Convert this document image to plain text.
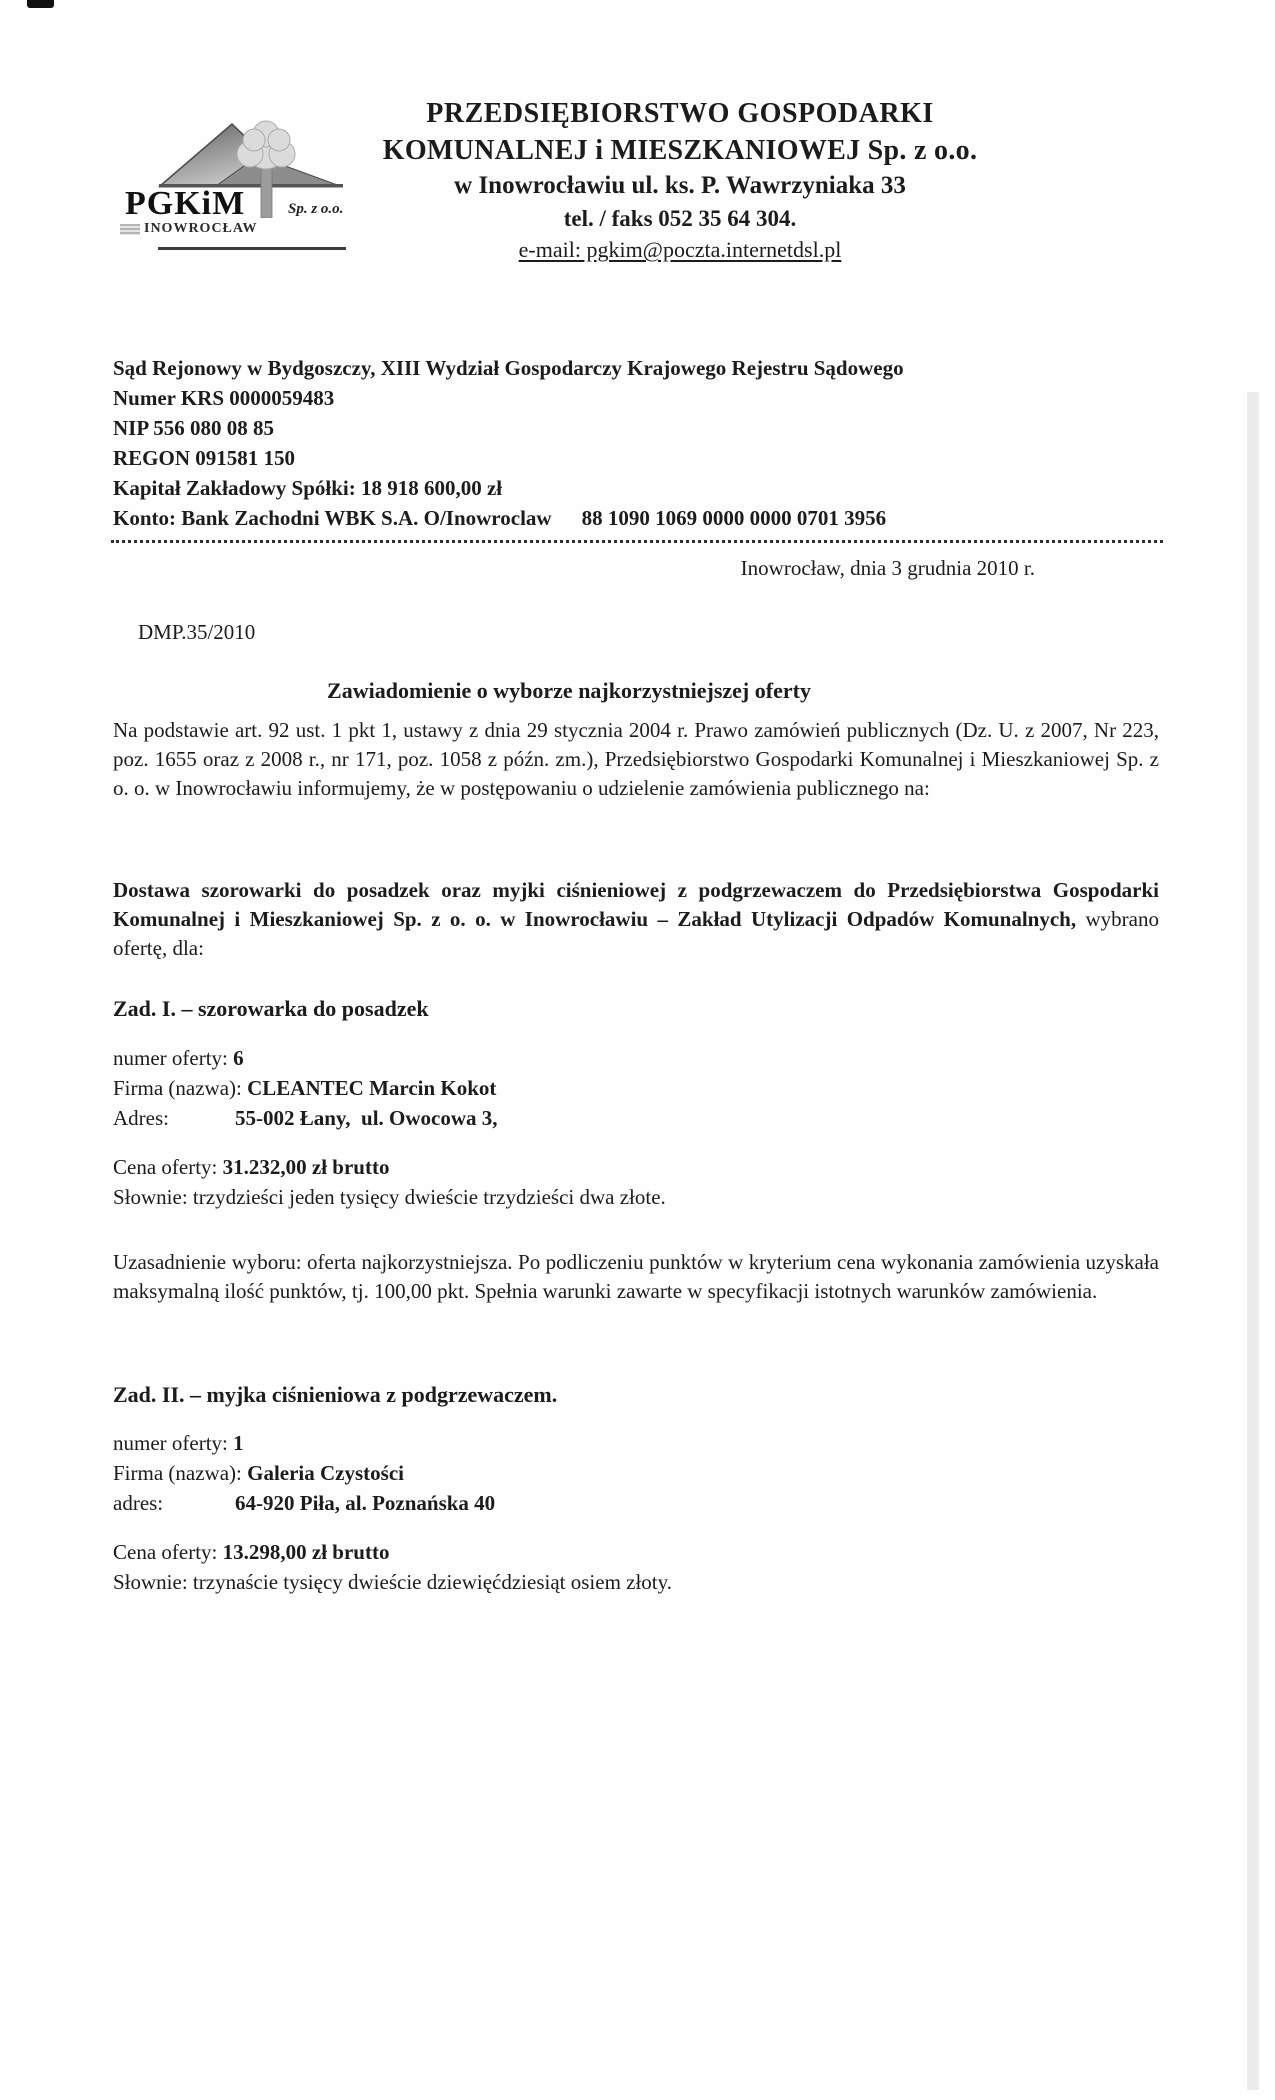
PGKiM	Sp. z o.o.
INOWROCŁAW
PRZEDSIĘBIORSTWO GOSPODARKI
KOMUNALNEJ i MIESZKANIOWEJ Sp. z o.o.
w Inowrocławiu ul. ks. P. Wawrzyniaka 33
tel. / faks 052 35 64 304.
e-mail: pgkim@poczta.internetdsl.pl
Sąd Rejonowy w Bydgoszczy, XIII Wydział Gospodarczy Krajowego Rejestru Sądowego
Numer KRS 0000059483
NIP 556 080 08 85
REGON 091581 150
Kapitał Zakładowy Spółki: 18 918 600,00 zł
Konto: Bank Zachodni WBK S.A. O/Inowroclaw 88 1090 1069 0000 0000 0701 3956
Inowrocław, dnia 3 grudnia 2010 r.
DMP.35/2010
Zawiadomienie o wyborze najkorzystniejszej oferty
Na podstawie art. 92 ust. 1 pkt 1, ustawy z dnia 29 stycznia 2004 r. Prawo zamówień publicznych (Dz. U. z 2007, Nr 223, poz. 1655 oraz z 2008 r., nr 171, poz. 1058 z późn. zm.), Przedsiębiorstwo Gospodarki Komunalnej i Mieszkaniowej Sp. z o. o. w Inowrocławiu informujemy, że w postępowaniu o udzielenie zamówienia publicznego na:
Dostawa szorowarki do posadzek oraz myjki ciśnieniowej z podgrzewaczem do Przedsiębiorstwa Gospodarki Komunalnej i Mieszkaniowej Sp. z o. o. w Inowrocławiu – Zakład Utylizacji Odpadów Komunalnych, wybrano ofertę, dla:
Zad. I. – szorowarka do posadzek
numer oferty: 6
Firma (nazwa): CLEANTEC Marcin Kokot
Adres:	55-002 Łany,  ul. Owocowa 3,
Cena oferty: 31.232,00 zł brutto
Słownie: trzydzieści jeden tysięcy dwieście trzydzieści dwa złote.
Uzasadnienie wyboru: oferta najkorzystniejsza. Po podliczeniu punktów w kryterium cena wykonania zamówienia uzyskała maksymalną ilość punktów, tj. 100,00 pkt. Spełnia warunki zawarte w specyfikacji istotnych warunków zamówienia.
Zad. II. – myjka ciśnieniowa z podgrzewaczem.
numer oferty: 1
Firma (nazwa): Galeria Czystości
adres:	64-920 Piła, al. Poznańska 40
Cena oferty: 13.298,00 zł brutto
Słownie: trzynaście tysięcy dwieście dziewięćdziesiąt osiem złoty.
